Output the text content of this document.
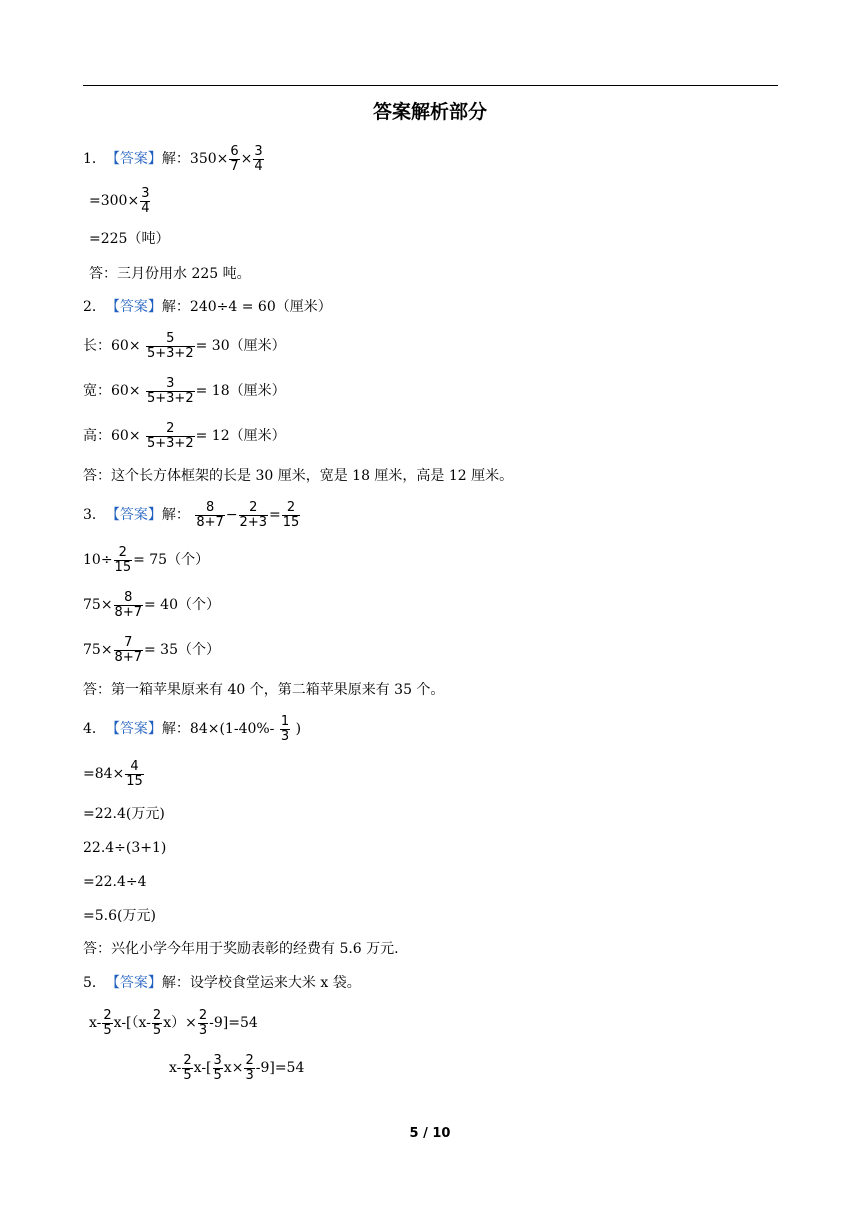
答案解析部分
1． 【答案】 解：$350\times \frac{6}{7} \times \frac{3}{4}$
$=300\times \frac{3}{4}$
=225（吨）
答：三月份用水 225 吨。
2． 【答案】 解：240÷4 = 60（厘米）
长：60×
$\frac{5}{5+3+2} = 30$（厘米）
宽：60×
$\frac{3}{5+3+2} = 18$（厘米）
高：60×
$\frac{2}{5+3+2} = 12$（厘米）
答：这个长方体框架的长是 30 厘米，宽是 18 厘米，高是 12 厘米。
3． 【答案】 解：
8
$8+7 - \frac{2}{2+3} = \frac{2}{15}$
$10\div \frac{2}{15} = 75$（个）
$75\times \frac{8}{8+7} = 40$（个）
$75\times \frac{7}{8+7} = 35$（个）
答：第一箱苹果原来有 40 个，第二箱苹果原来有 35 个。
4． 【答案】 解：84×(1-40%- 1
3 )
$=84\times \frac{4}{15}$
=22.4(万元)
22.4÷(3+1)
=22.4÷4
=5.6(万元)
答：兴化小学今年用于奖励表彰的经费有 5.6 万元.
5． 【答案】 解：设学校食堂运来大米 x 袋。
x- 2
5 x-[（x- 2
5 $x)\times \frac{2}{3} -9]=54$
x- 2
5 x-[ 3
5 $x\times \frac{2}{3} -9]=54$
5 / 10
